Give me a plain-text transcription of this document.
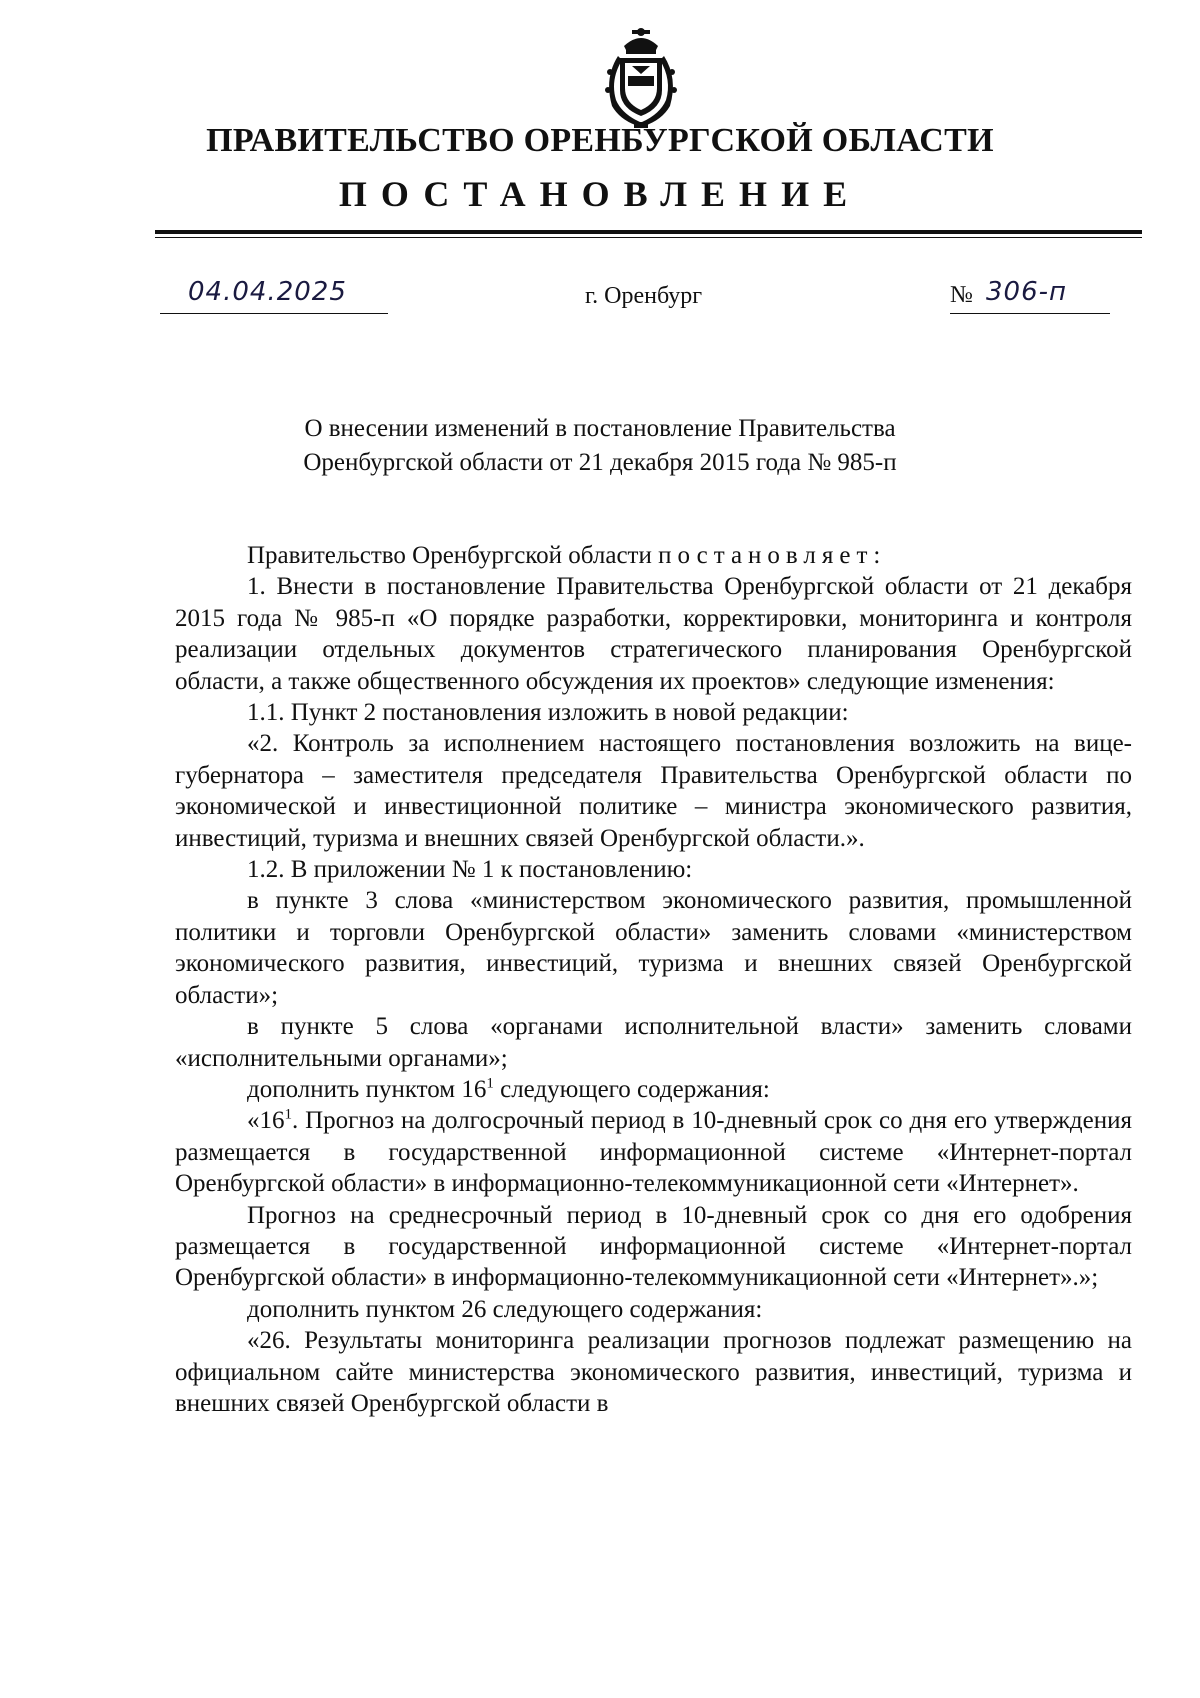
ПРАВИТЕЛЬСТВО ОРЕНБУРГСКОЙ ОБЛАСТИ
ПОСТАНОВЛЕНИЕ
04.04.2025	г. Оренбург	№ 306-п
О внесении изменений в постановление Правительства
Оренбургской области от 21 декабря 2015 года № 985-п

Правительство Оренбургской области постановляет:

1. Внести в постановление Правительства Оренбургской области от 21 декабря 2015 года № 985-п «О порядке разработки, корректировки, мониторинга и контроля реализации отдельных документов стратегического планирования Оренбургской области, а также общественного обсуждения их проектов» следующие изменения:

1.1. Пункт 2 постановления изложить в новой редакции:

«2. Контроль за исполнением настоящего постановления возложить на вице-губернатора – заместителя председателя Правительства Оренбургской области по экономической и инвестиционной политике – министра экономического развития, инвестиций, туризма и внешних связей Оренбургской области.».

1.2. В приложении № 1 к постановлению:

в пункте 3 слова «министерством экономического развития, промышленной политики и торговли Оренбургской области» заменить словами «министерством экономического развития, инвестиций, туризма и внешних связей Оренбургской области»;

в пункте 5 слова «органами исполнительной власти» заменить словами «исполнительными органами»;

дополнить пунктом $16^1$ следующего содержания:

«$16^1$. Прогноз на долгосрочный период в 10-дневный срок со дня его утверждения размещается в государственной информационной системе «Интернет-портал Оренбургской области» в информационно-телекоммуникационной сети «Интернет».

Прогноз на среднесрочный период в 10-дневный срок со дня его одобрения размещается в государственной информационной системе «Интернет-портал Оренбургской области» в информационно-телекоммуникационной сети «Интернет».»;

дополнить пунктом 26 следующего содержания:

«26. Результаты мониторинга реализации прогнозов подлежат размещению на официальном сайте министерства экономического развития, инвестиций, туризма и внешних связей Оренбургской области в
